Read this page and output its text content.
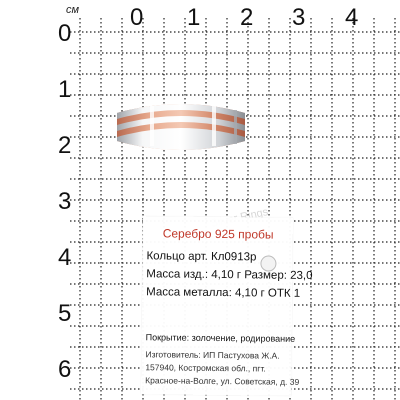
см 0 1 2 3 4
0
1
2
3
4
5
6
Серебро 925 пробы
Кольцо арт. Кл0913р
Масса изд.: 4,10 г Размер: 23,0
Масса металла: 4,10 г ОТК 1
Покрытие: золочение, родирование
Изготовитель: ИП Пастухова Ж.А.
157940, Костромская обл., пгт.
Красное-на-Волге, ул. Советская, д. 39
